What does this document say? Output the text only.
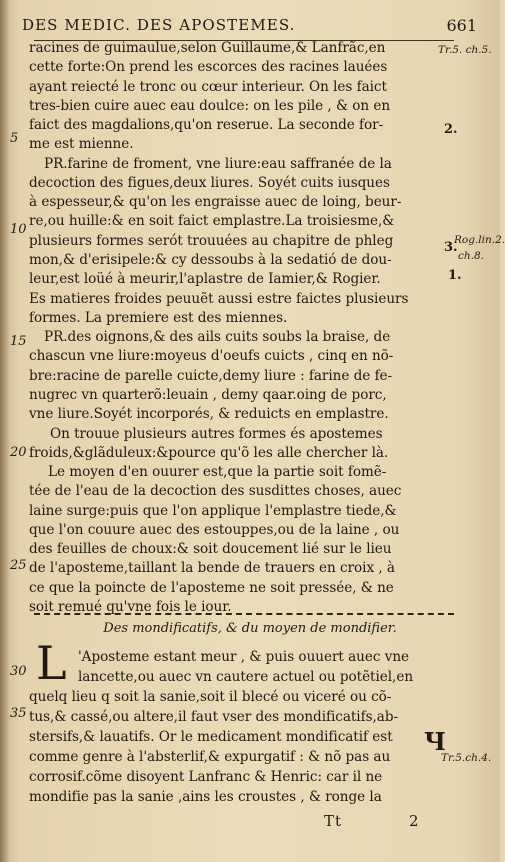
DES MEDIC. DES APOSTEMES.	661
racines de guimaulue,selon Guillaume,& Lanfrãc,en
cette forte:On prend les escorces des racines lauées
ayant reiecté le tronc ou cœur interieur. On les faict
tres-bien cuire auec eau doulce: on les pile , & on en
faict des magdalions,qu'on reserue. La seconde for-
me est mienne.
PR.farine de froment, vne liure:eau saffranée de la
decoction des figues,deux liures. Soyét cuits iusques
à espesseur,& qu'on les engraisse auec de loing, beur-
re,ou huille:& en soit faict emplastre.La troisiesme,&
plusieurs formes serót trouuées au chapitre de phleg
mon,& d'erisipele:& cy dessoubs à la sedatió de dou-
leur,est loüé à meurir,l'aplastre de Iamier,& Rogier.
Es matieres froides peuuẽt aussi estre faictes plusieurs
formes. La premiere est des miennes.
PR.des oignons,& des ails cuits soubs la braise, de
chascun vne liure:moyeus d'oeufs cuicts , cinq en nõ-
bre:racine de parelle cuicte,demy liure : farine de fe-
nugrec vn quarterõ:leuain , demy qaar.oing de porc,
vne liure.Soyét incorporés, & reduicts en emplastre.
On trouue plusieurs autres formes és apostemes
froids,&glãduleux:&pource qu'õ les alle chercher là.
Le moyen d'en ouurer est,que la partie soit fomẽ-
tée de l'eau de la decoction des susdittes choses, auec
laine surge:puis que l'on applique l'emplastre tiede,&
que l'on couure auec des estouppes,ou de la laine , ou
des feuilles de choux:& soit doucement lié sur le lieu
5
10
15
20
25
30
35
Tr.5. ch.5.
2.
3.
Rog.lin.2.
ch.8.
1.
Tr.5.ch.4.
Des mondificatifs, & du moyen de mondifier.
L 'Aposteme estant meur , & puis ouuert auec vne
lancette,ou auec vn cautere actuel ou potẽtiel,en
quelq lieu q soit la sanie,soit il blecé ou viceré ou cõ-
tus,& cassé,ou altere,il faut vser des mondificatifs,ab-
stersifs,& lauatifs. Or le medicament mondificatif est
comme genre à l'absterlif,& expurgatif : & nõ pas au
corrosif.cõme disoyent Lanfranc & Henric: car il ne
mondifie pas la sanie ,ains les croustes , & ronge la
Ч
Tt	2
de l'aposteme,taillant la bende de trauers en croix , à
ce que la poincte de l'aposteme ne soit pressée, & ne
soit remué qu'vne fois le iour.
